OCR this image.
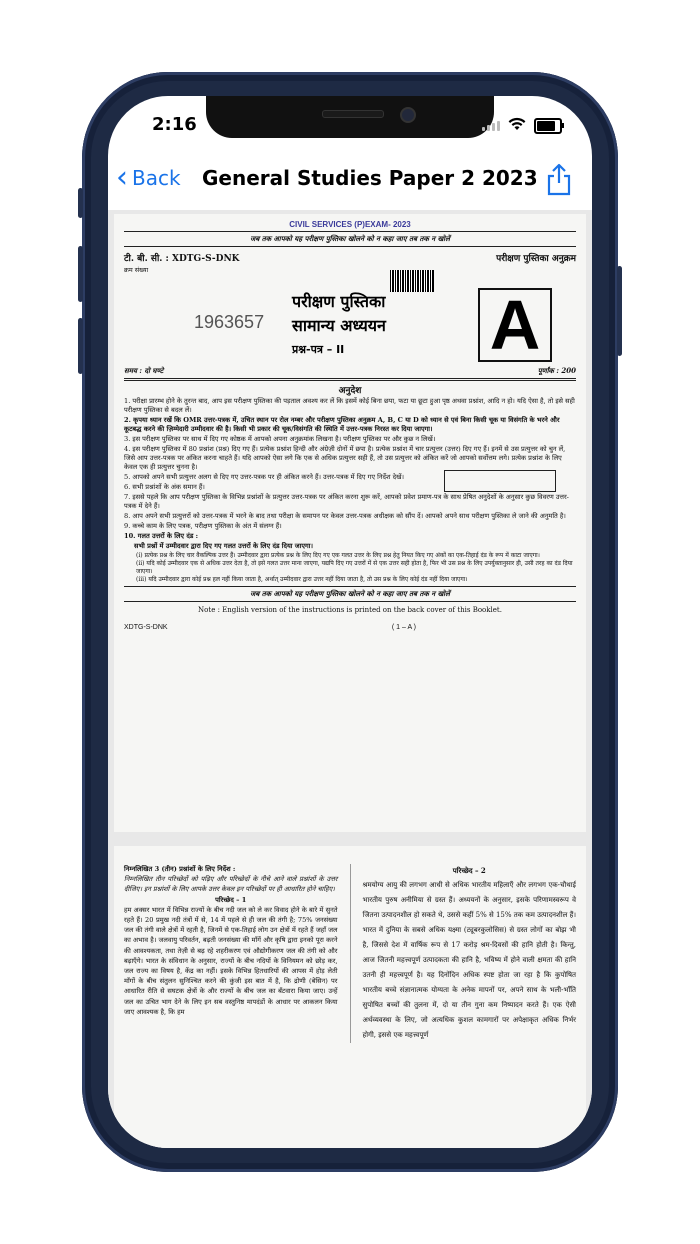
2:16
‹ Back General Studies Paper 2 2023
CIVIL SERVICES (P)EXAM- 2023
जब तक आपको यह परीक्षण पुस्तिका खोलने को न कहा जाए तब तक न खोलें
टी. बी. सी. : XDTG-S-DNK	परीक्षण पुस्तिका अनुक्रम
क्रम संख्या
1963657
परीक्षण पुस्तिका
सामान्य अध्ययन
प्रश्न-पत्र – II	A
समय : दो घण्टे	पूर्णांक : 200
अनुदेश
1. परीक्षा प्रारम्भ होने के तुरन्त बाद, आप इस परीक्षण पुस्तिका की पड़ताल अवश्य कर लें कि इसमें कोई बिना छपा, फटा या छूटा हुआ पृष्ठ अथवा प्रश्नांश, आदि न हो। यदि ऐसा है, तो इसे सही परीक्षण पुस्तिका से बदल लें।
2. कृपया ध्यान रखें कि OMR उत्तर-पत्रक में, उचित स्थान पर रोल नम्बर और परीक्षण पुस्तिका अनुक्रम A, B, C या D को ध्यान से एवं बिना किसी चूक या विसंगति के भरने और कूटबद्ध करने की ज़िम्मेदारी उम्मीदवार की है। किसी भी प्रकार की चूक/विसंगति की स्थिति में उत्तर-पत्रक निरस्त कर दिया जाएगा।
3. इस परीक्षण पुस्तिका पर साथ में दिए गए कोष्ठक में आपको अपना अनुक्रमांक लिखना है। परीक्षण पुस्तिका पर और कुछ न लिखें।
4. इस परीक्षण पुस्तिका में 80 प्रश्नांश (प्रश्न) दिए गए हैं। प्रत्येक प्रश्नांश हिन्दी और अंग्रेज़ी दोनों में छपा है। प्रत्येक प्रश्नांश में चार प्रत्युत्तर (उत्तर) दिए गए हैं। इनमें से उस प्रत्युत्तर को चुन लें, जिसे आप उत्तर-पत्रक पर अंकित करना चाहते हैं। यदि आपको ऐसा लगे कि एक से अधिक प्रत्युत्तर सही हैं, तो उस प्रत्युत्तर को अंकित करें जो आपको सर्वोत्तम लगे। प्रत्येक प्रश्नांश के लिए केवल एक ही प्रत्युत्तर चुनना है।
5. आपको अपने सभी प्रत्युत्तर अलग से दिए गए उत्तर-पत्रक पर ही अंकित करने हैं। उत्तर-पत्रक में दिए गए निर्देश देखें।
6. सभी प्रश्नांशों के अंक समान हैं।
7. इससे पहले कि आप परीक्षण पुस्तिका के विभिन्न प्रश्नांशों के प्रत्युत्तर उत्तर-पत्रक पर अंकित करना शुरू करें, आपको प्रवेश प्रमाण-पत्र के साथ प्रेषित अनुदेशों के अनुसार कुछ विवरण उत्तर-पत्रक में देने हैं।
8. आप अपने सभी प्रत्युत्तरों को उत्तर-पत्रक में भरने के बाद तथा परीक्षा के समापन पर केवल उत्तर-पत्रक अधीक्षक को सौंप दें। आपको अपने साथ परीक्षण पुस्तिका ले जाने की अनुमति है।
9. कच्चे काम के लिए पत्रक, परीक्षण पुस्तिका के अंत में संलग्न हैं।
10. गलत उत्तरों के लिए दंड :
सभी प्रश्नों में उम्मीदवार द्वारा दिए गए गलत उत्तरों के लिए दंड दिया जाएगा।
(i) प्रत्येक प्रश्न के लिए चार वैकल्पिक उत्तर हैं। उम्मीदवार द्वारा प्रत्येक प्रश्न के लिए दिए गए एक गलत उत्तर के लिए प्रश्न हेतु नियत किए गए अंकों का एक-तिहाई दंड के रूप में काटा जाएगा।
(ii) यदि कोई उम्मीदवार एक से अधिक उत्तर देता है, तो इसे गलत उत्तर माना जाएगा, यद्यपि दिए गए उत्तरों में से एक उत्तर सही होता है, फिर भी उस प्रश्न के लिए उपर्युक्तानुसार ही, उसी तरह का दंड दिया जाएगा।
(iii) यदि उम्मीदवार द्वारा कोई प्रश्न हल नहीं किया जाता है, अर्थात् उम्मीदवार द्वारा उत्तर नहीं दिया जाता है, तो उस प्रश्न के लिए कोई दंड नहीं दिया जाएगा।
जब तक आपको यह परीक्षण पुस्तिका खोलने को न कहा जाए तब तक न खोलें
Note : English version of the instructions is printed on the back cover of this Booklet.
XDTG-S-DNK	( 1 – A )
निम्नलिखित 3 (तीन) प्रश्नांशों के लिए निर्देश :
निम्नलिखित तीन परिच्छेदों को पढ़िए और परिच्छेदों के नीचे आने वाले प्रश्नांशों के उत्तर दीजिए। इन प्रश्नांशों के लिए आपके उत्तर केवल इन परिच्छेदों पर ही आधारित होने चाहिए।
परिच्छेद – 1
हम अक्सर भारत में विभिन्न राज्यों के बीच नदी जल को ले कर विवाद होने के बारे में सुनते रहते हैं। 20 प्रमुख नदी तंत्रों में से, 14 में पहले से ही जल की तंगी है; 75% जनसंख्या जल की तंगी वाले क्षेत्रों में रहती है, जिनमें से एक-तिहाई लोग उन क्षेत्रों में रहते हैं जहाँ जल का अभाव है। जलवायु परिवर्तन, बढ़ती जनसंख्या की माँगें और कृषि द्वारा इनको पूरा करने की आवश्यकता, तथा तेज़ी से बढ़ रहे शहरीकरण एवं औद्योगीकरण जल की तंगी को और बढ़ाएँगे। भारत के संविधान के अनुसार, राज्यों के बीच नदियों के विनियमन को छोड़ कर, जल राज्य का विषय है, केंद्र का नहीं। इसके विभिन्न हितधारियों की आपस में होड़ लेती माँगों के बीच संतुलन सुनिश्चित करने की कुंजी इस बात में है, कि द्रोणी (बेसिन) पर आधारित रीति से सघटक क्षेत्रों के और राज्यों के बीच जल का बँटवारा किया जाए। उन्हें जल का उचित भाग देने के लिए इन सब वस्तुनिष्ठ मापदंडों के आधार पर आकलन किया जाए आवश्यक है, कि हम
परिच्छेद – 2
श्रमयोग्य आयु की लगभग आधी से अधिक भारतीय महिलाएँ और लगभग एक-चौथाई भारतीय पुरुष अनीमिया से ग्रस्त हैं। अध्ययनों के अनुसार, इसके परिणामस्वरूप वे जितना उत्पादनशील हो सकते थे, उससे कहीं 5% से 15% तक कम उत्पादनशील हैं। भारत में दुनिया के सबसे अधिक यक्ष्मा (ट्यूबरकुलोसिस) से ग्रस्त लोगों का बोझ भी है, जिससे देश में वार्षिक रूप से 17 करोड़ श्रम-दिवसों की हानि होती है। किन्तु, आज जितनी महत्त्वपूर्ण उत्पादकता की हानि है, भविष्य में होने वाली क्षमता की हानि उतनी ही महत्त्वपूर्ण है। यह दिनोंदिन अधिक स्पष्ट होता जा रहा है कि कुपोषित भारतीय बच्चे संज्ञानात्मक योग्यता के अनेक मापनों पर, अपने साथ के भली-भाँति सुपोषित बच्चों की तुलना में, दो या तीन गुना कम निष्पादन करते हैं। एक ऐसी अर्थव्यवस्था के लिए, जो अत्यधिक कुशल कामगारों पर अपेक्षाकृत अधिक निर्भर होगी, इससे एक महत्त्वपूर्ण
